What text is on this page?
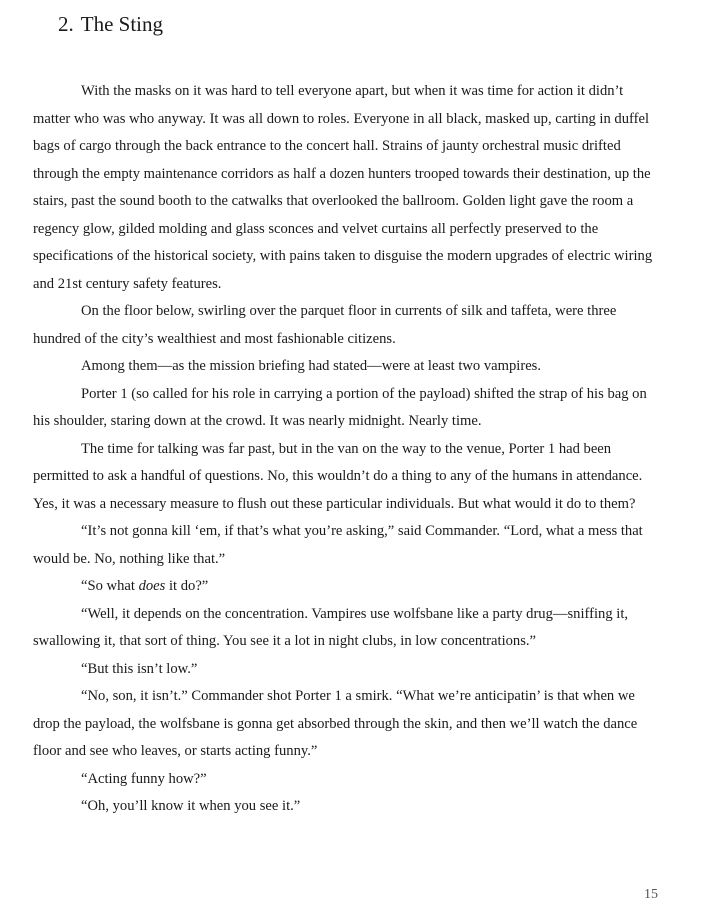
2. The Sting

With the masks on it was hard to tell everyone apart, but when it was time for action it didn’t matter who was who anyway. It was all down to roles. Everyone in all black, masked up, carting in duffel bags of cargo through the back entrance to the concert hall. Strains of jaunty orchestral music drifted through the empty maintenance corridors as half a dozen hunters trooped towards their destination, up the stairs, past the sound booth to the catwalks that overlooked the ballroom. Golden light gave the room a regency glow, gilded molding and glass sconces and velvet curtains all perfectly preserved to the specifications of the historical society, with pains taken to disguise the modern upgrades of electric wiring and 21st century safety features.

On the floor below, swirling over the parquet floor in currents of silk and taffeta, were three hundred of the city’s wealthiest and most fashionable citizens.

Among them—as the mission briefing had stated—were at least two vampires.

Porter 1 (so called for his role in carrying a portion of the payload) shifted the strap of his bag on his shoulder, staring down at the crowd. It was nearly midnight. Nearly time.

The time for talking was far past, but in the van on the way to the venue, Porter 1 had been permitted to ask a handful of questions. No, this wouldn’t do a thing to any of the humans in attendance. Yes, it was a necessary measure to flush out these particular individuals. But what would it do to them?

“It’s not gonna kill ‘em, if that’s what you’re asking,” said Commander. “Lord, what a mess that would be. No, nothing like that.”

“So what does it do?”

“Well, it depends on the concentration. Vampires use wolfsbane like a party drug—sniffing it, swallowing it, that sort of thing. You see it a lot in night clubs, in low concentrations.”

“But this isn’t low.”

“No, son, it isn’t.” Commander shot Porter 1 a smirk. “What we’re anticipatin’ is that when we drop the payload, the wolfsbane is gonna get absorbed through the skin, and then we’ll watch the dance floor and see who leaves, or starts acting funny.”

“Acting funny how?”

“Oh, you’ll know it when you see it.”

15
